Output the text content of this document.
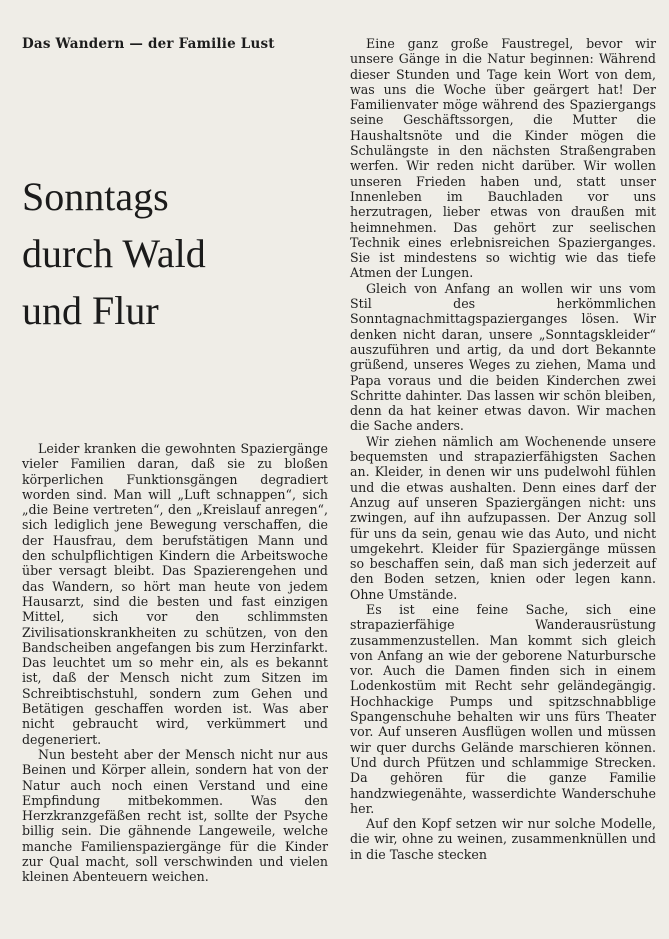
Das Wandern — der Familie Lust
Sonntags
durch Wald
und Flur

Leider kranken die gewohnten Spaziergänge vieler Familien daran, daß sie zu bloßen körperlichen Funktionsgängen degradiert worden sind. Man will „Luft schnappen“, sich „die Beine vertreten“, den „Kreislauf anregen“, sich lediglich jene Bewegung verschaffen, die der Hausfrau, dem berufstätigen Mann und den schulpflichtigen Kindern die Arbeitswoche über versagt bleibt. Das Spazierengehen und das Wandern, so hört man heute von jedem Hausarzt, sind die besten und fast einzigen Mittel, sich vor den schlimmsten Zivilisationskrankheiten zu schützen, von den Bandscheiben angefangen bis zum Herzinfarkt. Das leuchtet um so mehr ein, als es bekannt ist, daß der Mensch nicht zum Sitzen im Schreibtischstuhl, sondern zum Gehen und Betätigen geschaffen worden ist. Was aber nicht gebraucht wird, verkümmert und degeneriert.

Nun besteht aber der Mensch nicht nur aus Beinen und Körper allein, sondern hat von der Natur auch noch einen Verstand und eine Empfindung mitbekommen. Was den Herzkranzgefäßen recht ist, sollte der Psyche billig sein. Die gähnende Langeweile, welche manche Familienspaziergänge für die Kinder zur Qual macht, soll verschwinden und vielen kleinen Abenteuern weichen.

Eine ganz große Faustregel, bevor wir unsere Gänge in die Natur beginnen: Während dieser Stunden und Tage kein Wort von dem, was uns die Woche über geärgert hat! Der Familienvater möge während des Spaziergangs seine Geschäftssorgen, die Mutter die Haushaltsnöte und die Kinder mögen die Schulängste in den nächsten Straßengraben werfen. Wir reden nicht darüber. Wir wollen unseren Frieden haben und, statt unser Innenleben im Bauchladen vor uns herzutragen, lieber etwas von draußen mit heimnehmen. Das gehört zur seelischen Technik eines erlebnisreichen Spazierganges. Sie ist mindestens so wichtig wie das tiefe Atmen der Lungen.

Gleich von Anfang an wollen wir uns vom Stil des herkömmlichen Sonntagnachmittagspazierganges lösen. Wir denken nicht daran, unsere „Sonntagskleider“ auszuführen und artig, da und dort Bekannte grüßend, unseres Weges zu ziehen, Mama und Papa voraus und die beiden Kinderchen zwei Schritte dahinter. Das lassen wir schön bleiben, denn da hat keiner etwas davon. Wir machen die Sache anders.

Wir ziehen nämlich am Wochenende unsere bequemsten und strapazierfähigsten Sachen an. Kleider, in denen wir uns pudelwohl fühlen und die etwas aushalten. Denn eines darf der Anzug auf unseren Spaziergängen nicht: uns zwingen, auf ihn aufzupassen. Der Anzug soll für uns da sein, genau wie das Auto, und nicht umgekehrt. Kleider für Spaziergänge müssen so beschaffen sein, daß man sich jederzeit auf den Boden setzen, knien oder legen kann. Ohne Umstände.

Es ist eine feine Sache, sich eine strapazierfähige Wanderausrüstung zusammenzustellen. Man kommt sich gleich von Anfang an wie der geborene Naturbursche vor. Auch die Damen finden sich in einem Lodenkostüm mit Recht sehr geländegängig. Hochhackige Pumps und spitzschnabblige Spangenschuhe behalten wir uns fürs Theater vor. Auf unseren Ausflügen wollen und müssen wir quer durchs Gelände marschieren können. Und durch Pfützen und schlammige Strecken. Da gehören für die ganze Familie handzwiegenähte, wasserdichte Wanderschuhe her.

Auf den Kopf setzen wir nur solche Modelle, die wir, ohne zu weinen, zusammenknüllen und in die Tasche stecken
